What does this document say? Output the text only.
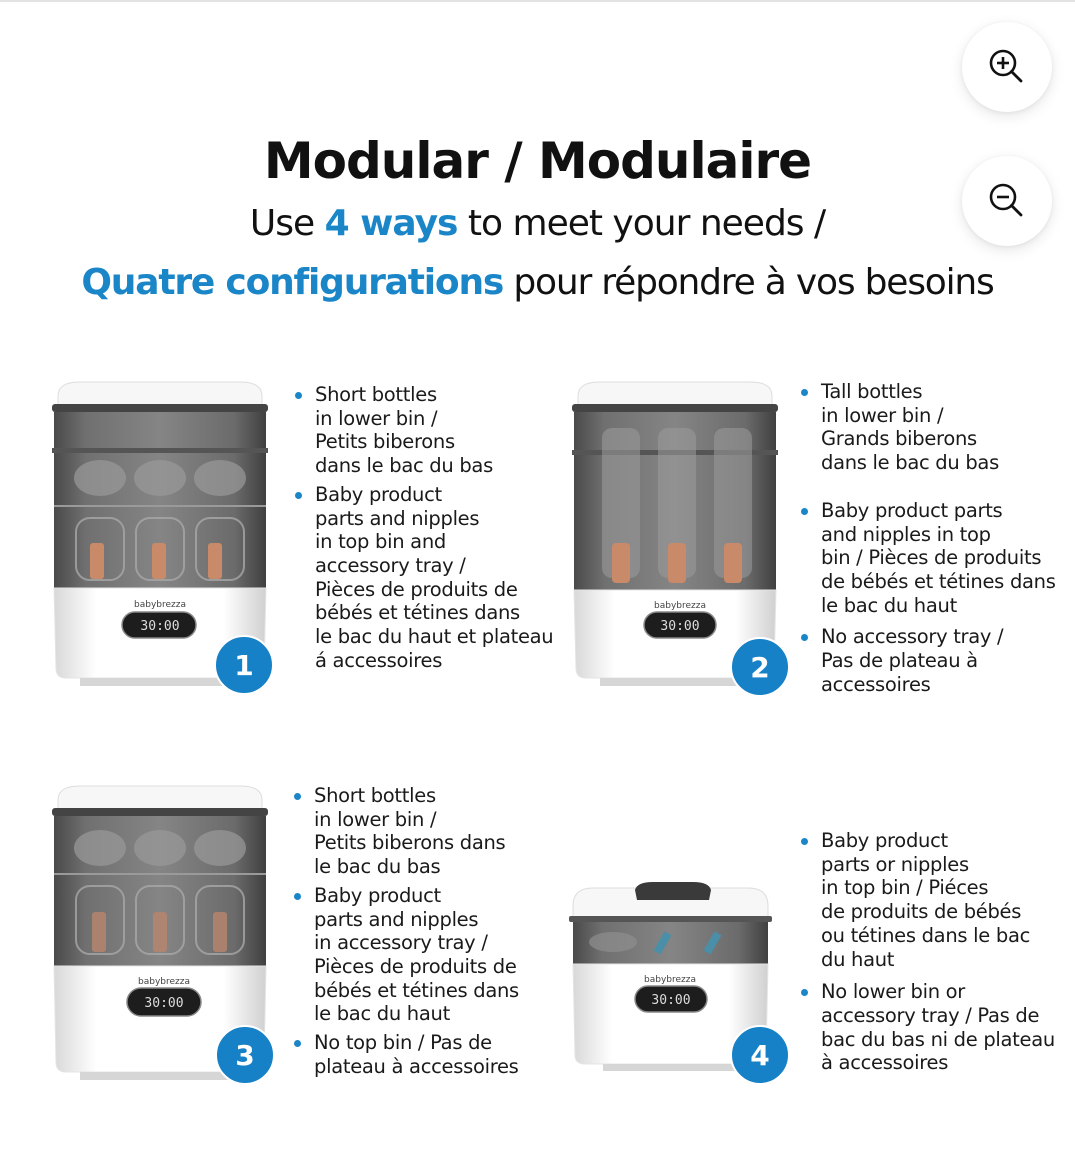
Modular / Modulaire
Use 4 ways to meet your needs /
Quatre configurations pour répondre à vos besoins
babybrezza
30:00
1
babybrezza
30:00
2
babybrezza
30:00
3
babybrezza
30:00
4
Short bottles
in lower bin /
Petits biberons
dans le bac du bas
Baby product
parts and nipples
in top bin and
accessory tray /
Pièces de produits de
bébés et tétines dans
le bac du haut et plateau
á accessoires
Tall bottles
in lower bin /
Grands biberons
dans le bac du bas
Baby product parts
and nipples in top
bin / Pièces de produits
de bébés et tétines dans
le bac du haut
No accessory tray /
Pas de plateau à
accessoires
Short bottles
in lower bin /
Petits biberons dans
le bac du bas
Baby product
parts and nipples
in accessory tray /
Pièces de produits de
bébés et tétines dans
le bac du haut
No top bin / Pas de
plateau à accessoires
Baby product
parts or nipples
in top bin / Piéces
de produits de bébés
ou tétines dans le bac
du haut
No lower bin or
accessory tray / Pas de
bac du bas ni de plateau
à accessoires
